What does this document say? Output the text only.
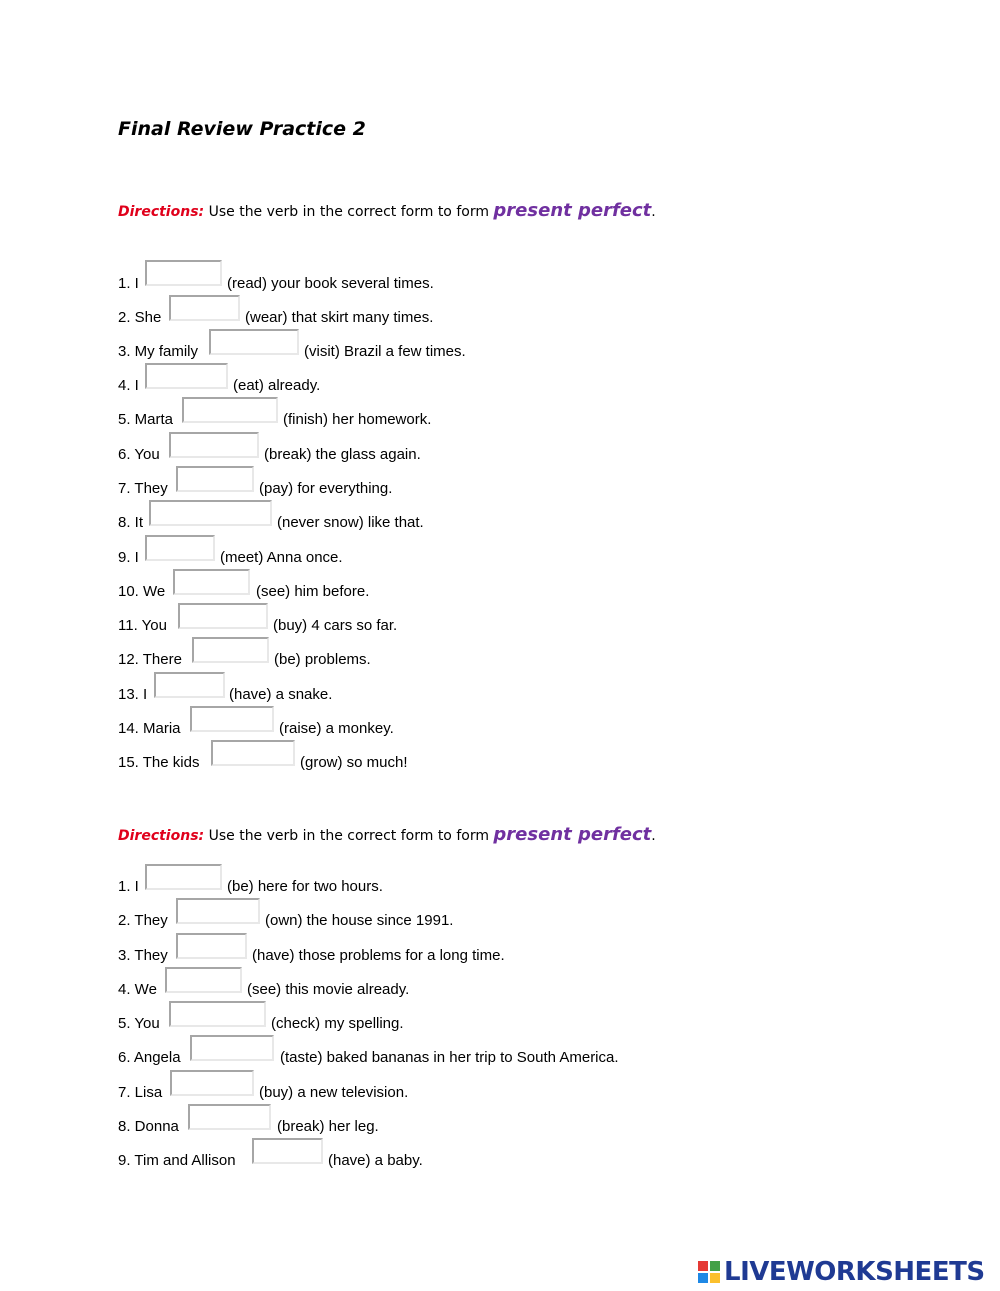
Final Review Practice 2

Directions: Use the verb in the correct form to form present perfect.

1. I	(read) your book several times.
2. She	(wear) that skirt many times.
3. My family	(visit) Brazil a few times.
4. I	(eat) already.
5. Marta	(finish) her homework.
6. You	(break) the glass again.
7. They	(pay) for everything.
8. It	(never snow) like that.
9. I	(meet) Anna once.
10. We	(see) him before.
11. You	(buy) 4 cars so far.
12. There	(be) problems.
13. I	(have) a snake.
14. Maria	(raise) a monkey.
15. The kids	(grow) so much!

Directions: Use the verb in the correct form to form present perfect.

1. I	(be) here for two hours.
2. They	(own) the house since 1991.
3. They	(have) those problems for a long time.
4. We	(see) this movie already.
5. You	(check) my spelling.
6. Angela	(taste) baked bananas in her trip to South America.
7. Lisa	(buy) a new television.
8. Donna	(break) her leg.
9. Tim and Allison	(have) a baby.
LIVEWORKSHEETS
